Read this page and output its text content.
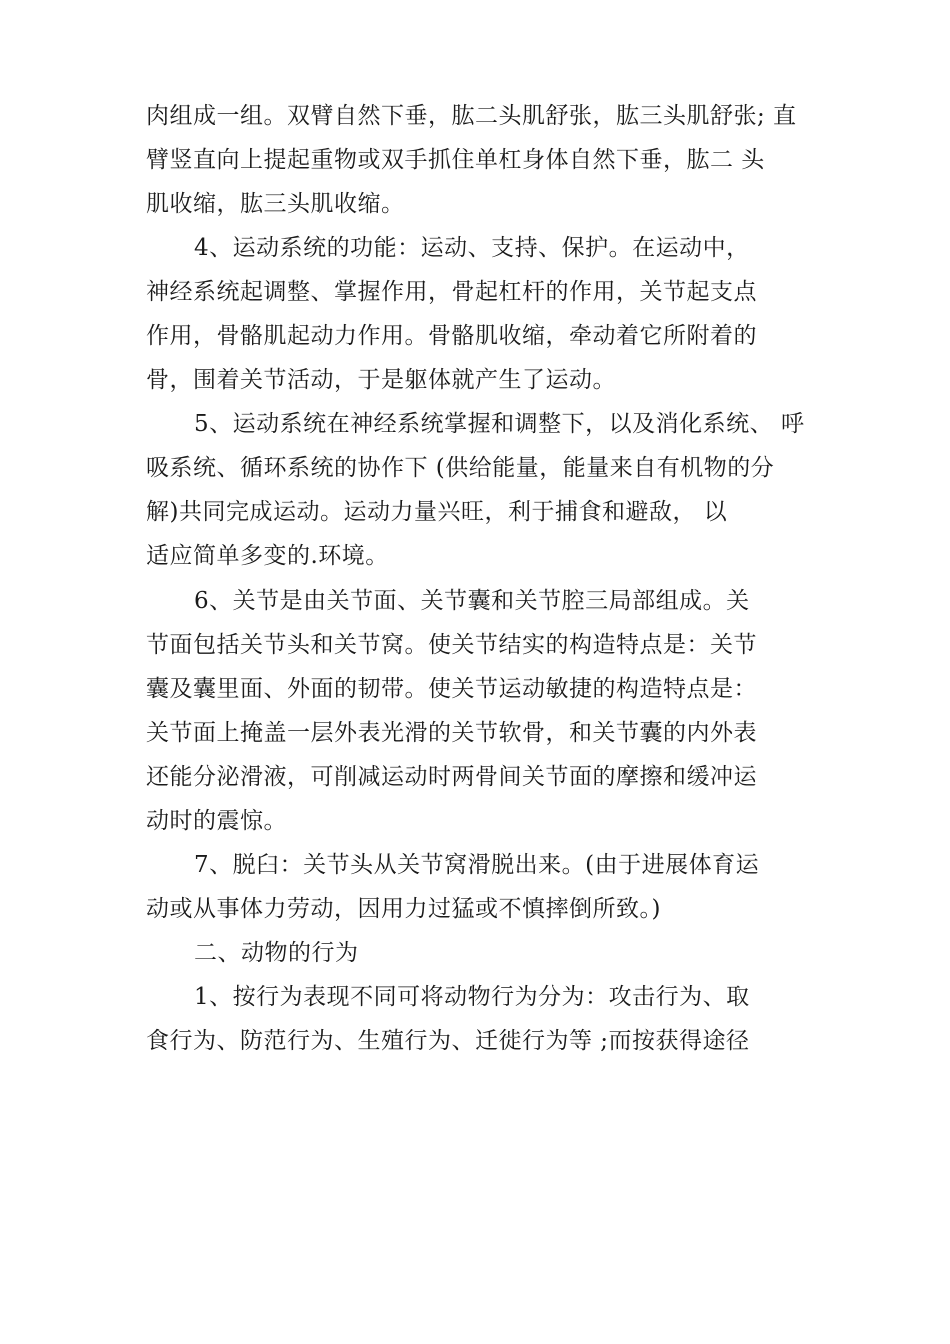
肉组成一组。双臂自然下垂，肱二头肌舒张，肱三头肌舒张; 直
臂竖直向上提起重物或双手抓住单杠身体自然下垂，肱二 头
肌收缩，肱三头肌收缩。
4、运动系统的功能：运动、支持、保护。在运动中，
神经系统起调整、掌握作用，骨起杠杆的作用，关节起支点
作用，骨骼肌起动力作用。骨骼肌收缩，牵动着它所附着的
骨，围着关节活动，于是躯体就产生了运动。
5、运动系统在神经系统掌握和调整下，以及消化系统、 呼
吸系统、循环系统的协作下 (供给能量，能量来自有机物的分
解)共同完成运动。运动力量兴旺，利于捕食和避敌， 以
适应简单多变的.环境。
6、关节是由关节面、关节囊和关节腔三局部组成。关
节面包括关节头和关节窝。使关节结实的构造特点是：关节
囊及囊里面、外面的韧带。使关节运动敏捷的构造特点是：
关节面上掩盖一层外表光滑的关节软骨，和关节囊的内外表
还能分泌滑液，可削减运动时两骨间关节面的摩擦和缓冲运
动时的震惊。
7、脱臼：关节头从关节窝滑脱出来。(由于进展体育运
动或从事体力劳动，因用力过猛或不慎摔倒所致。)
二、动物的行为
1、按行为表现不同可将动物行为分为：攻击行为、取
食行为、防范行为、生殖行为、迁徙行为等 ;而按获得途径
